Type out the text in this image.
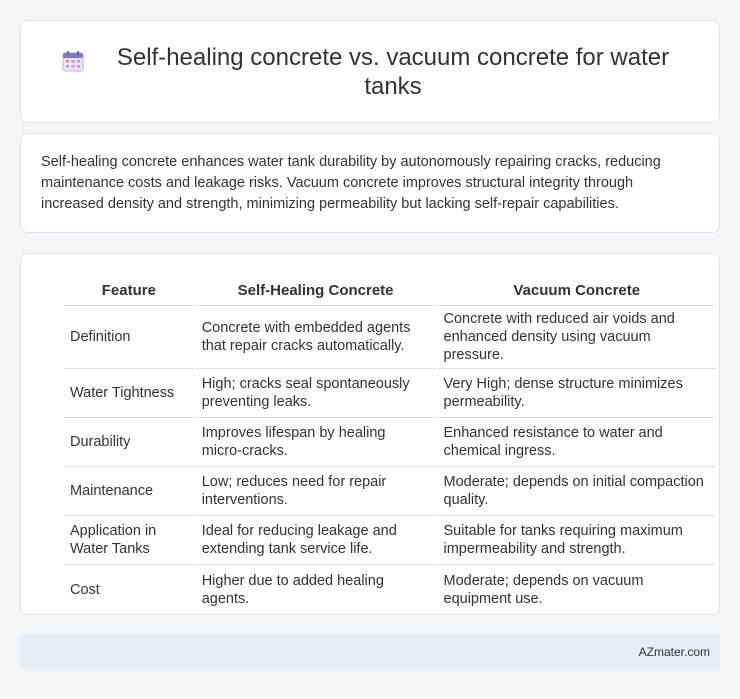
Self-healing concrete vs. vacuum concrete for water tanks

Self-healing concrete enhances water tank durability by autonomously repairing cracks, reducing maintenance costs and leakage risks. Vacuum concrete improves structural integrity through increased density and strength, minimizing permeability but lacking self-repair capabilities.

Feature	Self-Healing Concrete	Vacuum Concrete
Definition	Concrete with embedded agents that repair cracks automatically.	Concrete with reduced air voids and enhanced density using vacuum pressure.
Water Tightness	High; cracks seal spontaneously preventing leaks.	Very High; dense structure minimizes permeability.
Durability	Improves lifespan by healing micro-cracks.	Enhanced resistance to water and chemical ingress.
Maintenance	Low; reduces need for repair interventions.	Moderate; depends on initial compaction quality.
Application in Water Tanks	Ideal for reducing leakage and extending tank service life.	Suitable for tanks requiring maximum impermeability and strength.
Cost	Higher due to added healing agents.	Moderate; depends on vacuum equipment use.
AZmater.com
